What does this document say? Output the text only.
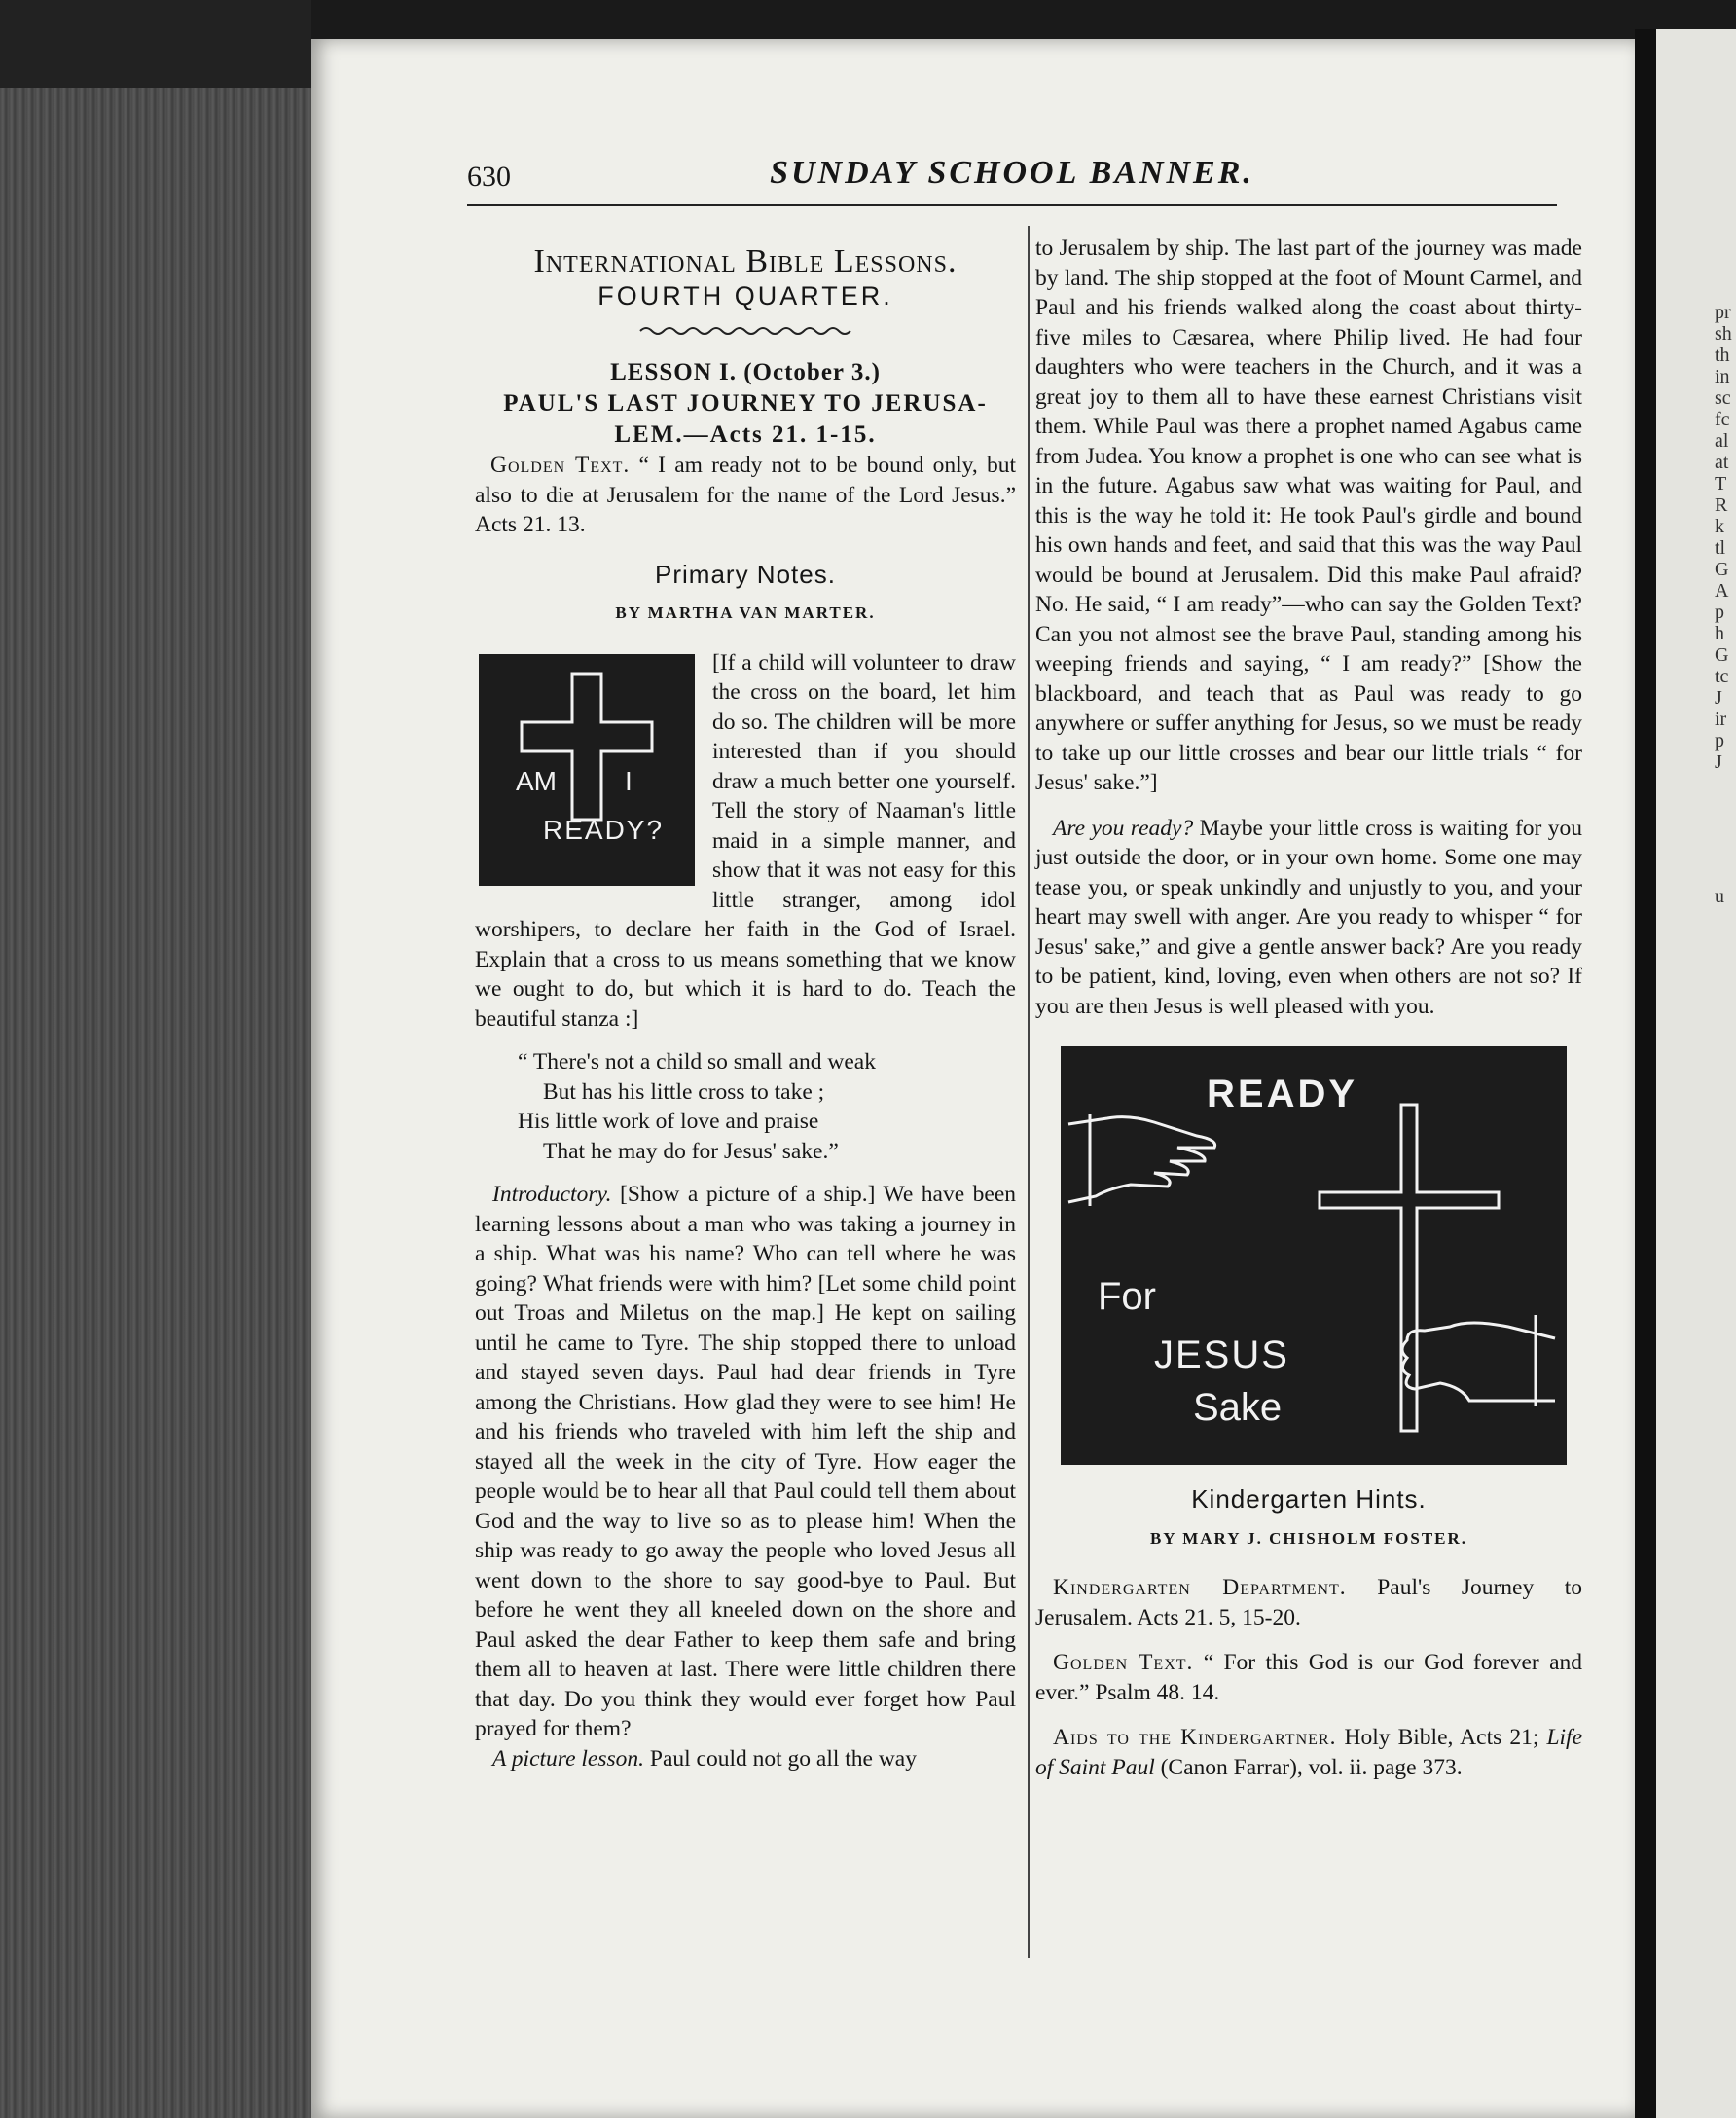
pr
sh
th
in
sc
fc
al
at
T
R
k
tl
G
A
p
h
G
tc
J
ir
p
J
u
630	SUNDAY SCHOOL BANNER.
International Bible Lessons.
FOURTH QUARTER.

LESSON I. (October 3.)

PAUL'S LAST JOURNEY TO JERUSA-LEM.—Acts 21. 1-15.

Golden Text. “ I am ready not to be bound only, but also to die at Jerusalem for the name of the Lord Jesus.” Acts 21. 13.

Primary Notes.
BY MARTHA VAN MARTER.
AM	I
READY?

[If a child will volunteer to draw the cross on the board, let him do so. The children will be more interested than if you should draw a much better one yourself. Tell the story of Naaman's little maid in a simple manner, and show that it was not easy for this little stranger, among idol worshipers, to declare her faith in the God of Israel. Explain that a cross to us means something that we know we ought to do, but which it is hard to do. Teach the beautiful stanza :]

“ There's not a child so small and weak
But has his little cross to take ;
His little work of love and praise
That he may do for Jesus' sake.”

Introductory. [Show a picture of a ship.] We have been learning lessons about a man who was taking a journey in a ship. What was his name? Who can tell where he was going? What friends were with him? [Let some child point out Troas and Miletus on the map.] He kept on sailing until he came to Tyre. The ship stopped there to unload and stayed seven days. Paul had dear friends in Tyre among the Christians. How glad they were to see him! He and his friends who traveled with him left the ship and stayed all the week in the city of Tyre. How eager the people would be to hear all that Paul could tell them about God and the way to live so as to please him! When the ship was ready to go away the people who loved Jesus all went down to the shore to say good-bye to Paul. But before he went they all kneeled down on the shore and Paul asked the dear Father to keep them safe and bring them all to heaven at last. There were little children there that day. Do you think they would ever forget how Paul prayed for them?

A picture lesson. Paul could not go all the way

to Jerusalem by ship. The last part of the journey was made by land. The ship stopped at the foot of Mount Carmel, and Paul and his friends walked along the coast about thirty-five miles to Cæsarea, where Philip lived. He had four daughters who were teachers in the Church, and it was a great joy to them all to have these earnest Christians visit them. While Paul was there a prophet named Agabus came from Judea. You know a prophet is one who can see what is in the future. Agabus saw what was waiting for Paul, and this is the way he told it: He took Paul's girdle and bound his own hands and feet, and said that this was the way Paul would be bound at Jerusalem. Did this make Paul afraid? No. He said, “ I am ready”—who can say the Golden Text? Can you not almost see the brave Paul, standing among his weeping friends and saying, “ I am ready?” [Show the blackboard, and teach that as Paul was ready to go anywhere or suffer anything for Jesus, so we must be ready to take up our little crosses and bear our little trials “ for Jesus' sake.”]

Are you ready? Maybe your little cross is waiting for you just outside the door, or in your own home. Some one may tease you, or speak unkindly and unjustly to you, and your heart may swell with anger. Are you ready to whisper “ for Jesus' sake,” and give a gentle answer back? Are you ready to be patient, kind, loving, even when others are not so? If you are then Jesus is well pleased with you.

READY
For
JESUS
Sake
Kindergarten Hints.
BY MARY J. CHISHOLM FOSTER.

Kindergarten Department. Paul's Journey to Jerusalem. Acts 21. 5, 15-20.

Golden Text. “ For this God is our God forever and ever.” Psalm 48. 14.

Aids to the Kindergartner. Holy Bible, Acts 21; Life of Saint Paul (Canon Farrar), vol. ii. page 373.
